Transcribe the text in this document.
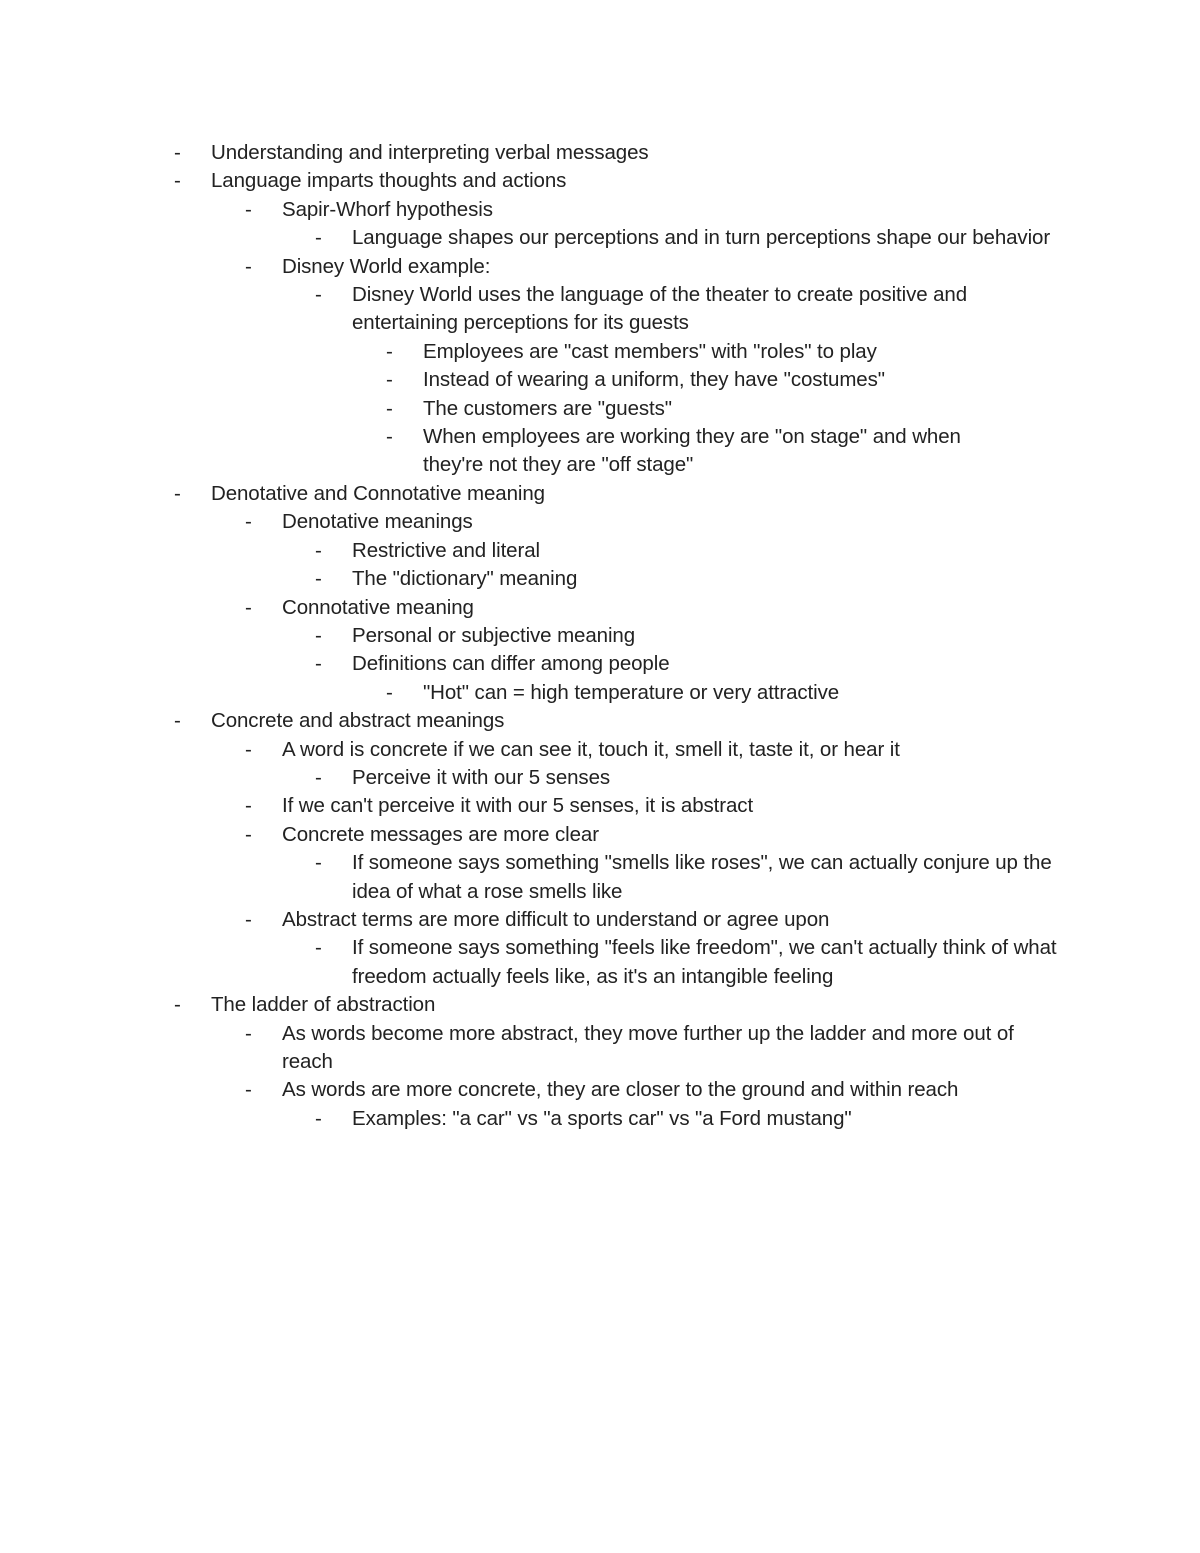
- Understanding and interpreting verbal messages
- Language imparts thoughts and actions
- Sapir-Whorf hypothesis
- Language shapes our perceptions and in turn perceptions shape our behavior
- Disney World example:
- Disney World uses the language of the theater to create positive and entertaining perceptions for its guests
- Employees are "cast members" with "roles" to play
- Instead of wearing a uniform, they have "costumes"
- The customers are "guests"
- When employees are working they are "on stage" and when they're not they are "off stage"
- Denotative and Connotative meaning
- Denotative meanings
- Restrictive and literal
- The "dictionary" meaning
- Connotative meaning
- Personal or subjective meaning
- Definitions can differ among people
- "Hot" can = high temperature or very attractive
- Concrete and abstract meanings
- A word is concrete if we can see it, touch it, smell it, taste it, or hear it
- Perceive it with our 5 senses
- If we can't perceive it with our 5 senses, it is abstract
- Concrete messages are more clear
- If someone says something "smells like roses", we can actually conjure up the idea of what a rose smells like
- Abstract terms are more difficult to understand or agree upon
- If someone says something "feels like freedom", we can't actually think of what freedom actually feels like, as it's an intangible feeling
- The ladder of abstraction
- As words become more abstract, they move further up the ladder and more out of reach
- As words are more concrete, they are closer to the ground and within reach
- Examples: "a car" vs "a sports car" vs "a Ford mustang"
